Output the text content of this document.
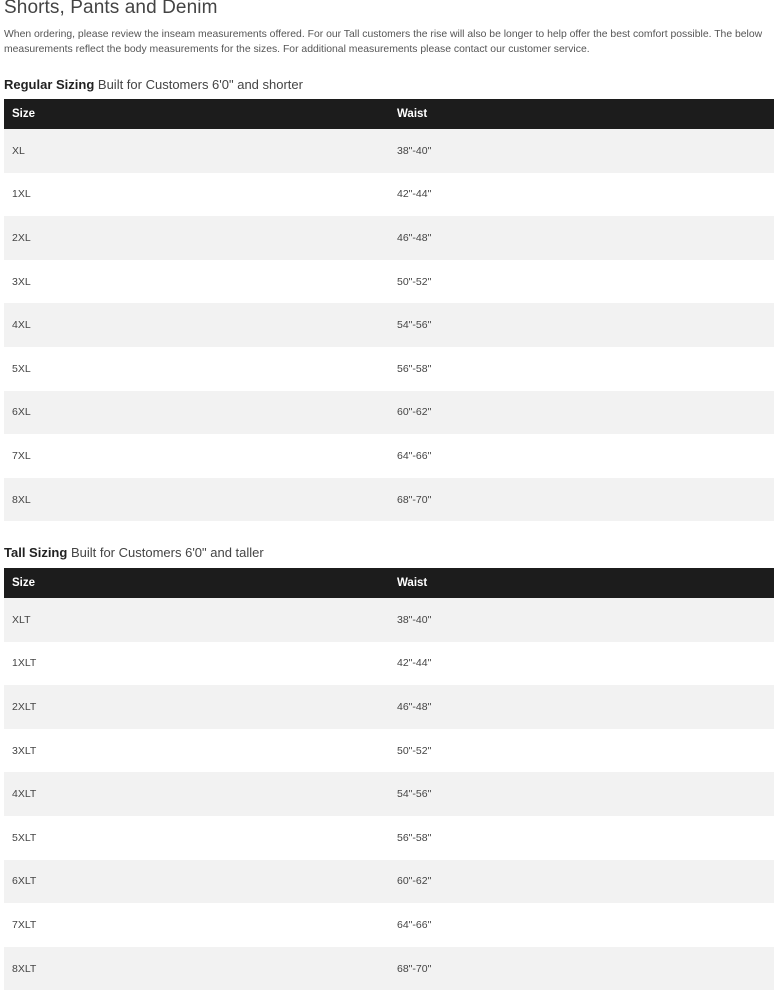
Shorts, Pants and Denim
When ordering, please review the inseam measurements offered. For our Tall customers the rise will also be longer to help offer the best comfort possible. The below measurements reflect the body measurements for the sizes. For additional measurements please contact our customer service.
Regular Sizing Built for Customers 6'0" and shorter
Size	Waist
XL	38"-40"
1XL	42"-44"
2XL	46"-48"
3XL	50"-52"
4XL	54"-56"
5XL	56"-58"
6XL	60"-62"
7XL	64"-66"
8XL	68"-70"
Tall Sizing Built for Customers 6'0" and taller
Size	Waist
XLT	38"-40"
1XLT	42"-44"
2XLT	46"-48"
3XLT	50"-52"
4XLT	54"-56"
5XLT	56"-58"
6XLT	60"-62"
7XLT	64"-66"
8XLT	68"-70"
